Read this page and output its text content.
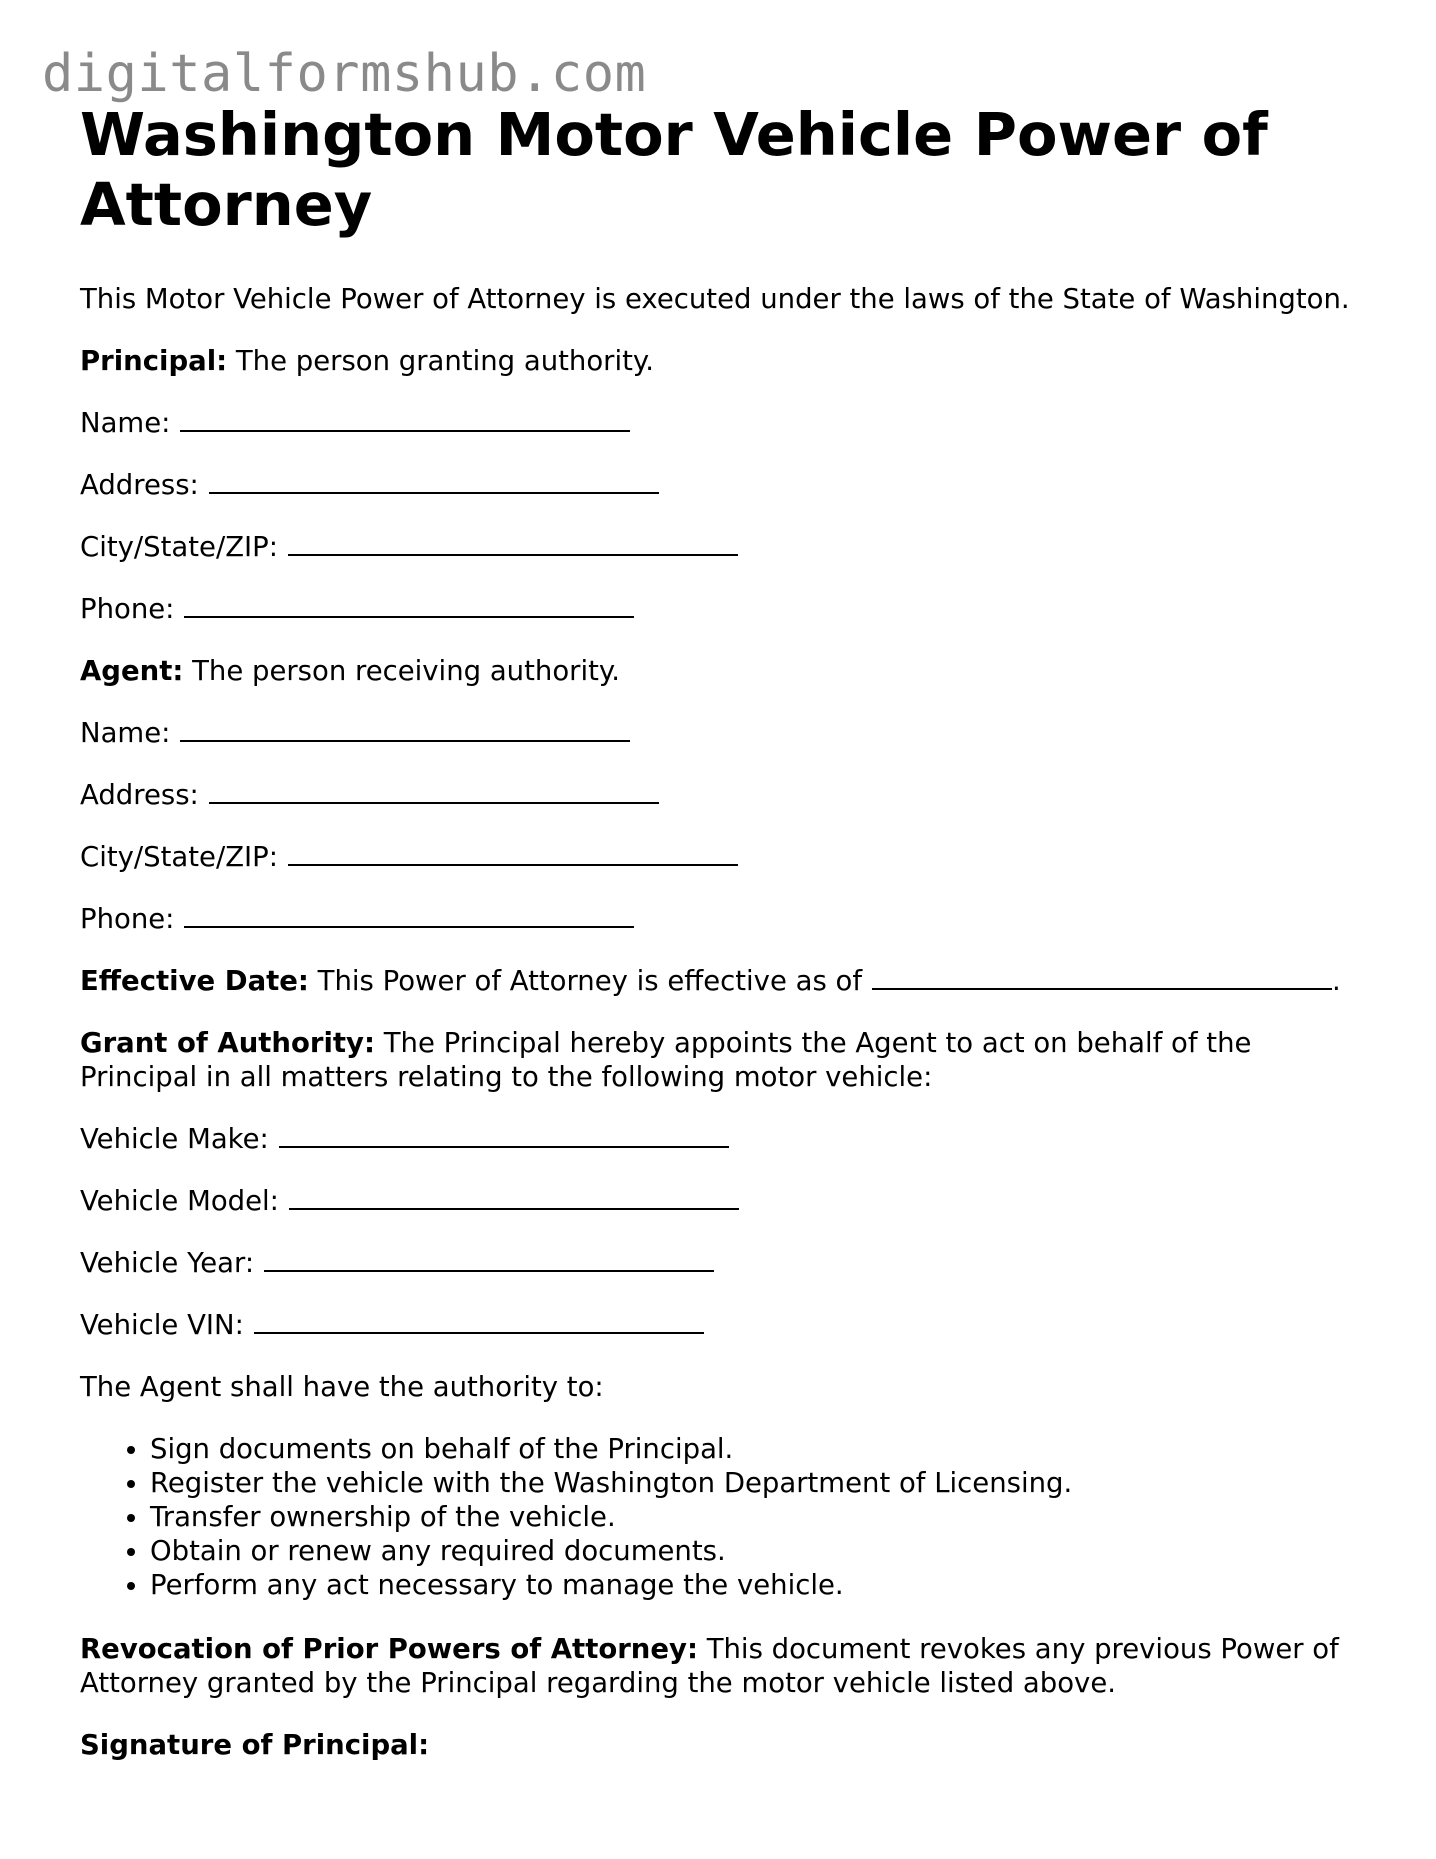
digitalformshub.com
Washington Motor Vehicle Power of Attorney

This Motor Vehicle Power of Attorney is executed under the laws of the State of Washington.

Principal: The person granting authority.

Name:

Address:

City/State/ZIP:

Phone:

Agent: The person receiving authority.

Name:

Address:

City/State/ZIP:

Phone:

Effective Date: This Power of Attorney is effective as of	.

Grant of Authority: The Principal hereby appoints the Agent to act on behalf of the Principal in all matters relating to the following motor vehicle:

Vehicle Make:

Vehicle Model:

Vehicle Year:

Vehicle VIN:

The Agent shall have the authority to:

• Sign documents on behalf of the Principal.
• Register the vehicle with the Washington Department of Licensing.
• Transfer ownership of the vehicle.
• Obtain or renew any required documents.
• Perform any act necessary to manage the vehicle.

Revocation of Prior Powers of Attorney: This document revokes any previous Power of Attorney granted by the Principal regarding the motor vehicle listed above.

Signature of Principal:
